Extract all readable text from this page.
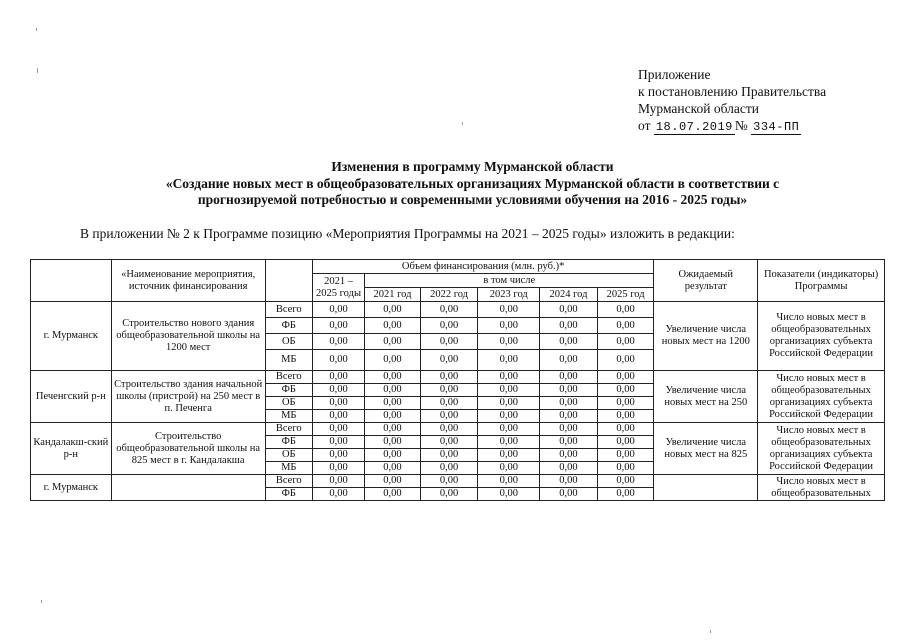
Приложение
к постановлению Правительства
Мурманской области
от 18.07.2019 № 334-ПП
Изменения в программу Мурманской области
«Создание новых мест в общеобразовательных организациях Мурманской области в соответствии с
прогнозируемой потребностью и современными условиями обучения на 2016 - 2025 годы»
В приложении № 2 к Программе позицию «Мероприятия Программы на 2021 – 2025 годы» изложить в редакции:
	«Наименование мероприятия, источник финансирования		Объем финансирования (млн. руб.)*						Ожидаемый результат	Показатели (индикаторы) Программы
			2021 – 2025 годы	в том числе						
				2021 год	2022 год	2023 год	2024 год	2025 год		

г. Мурманск	Строительство нового здания общеобразовательной школы на 1200 мест	Всего	0,00	0,00	0,00	0,00	0,00	0,00	Увеличение числа новых мест на 1200	Число новых мест в общеобразовательных организациях субъекта Российской Федерации
		ФБ	0,00	0,00	0,00	0,00	0,00	0,00		
		ОБ	0,00	0,00	0,00	0,00	0,00	0,00		
		МБ	0,00	0,00	0,00	0,00	0,00	0,00		
Печенгский р-н	Строительство здания начальной школы (пристрой) на 250 мест в п. Печенга	Всего	0,00	0,00	0,00	0,00	0,00	0,00	Увеличение числа новых мест на 250	Число новых мест в общеобразовательных организациях субъекта Российской Федерации
		ФБ	0,00	0,00	0,00	0,00	0,00	0,00		
		ОБ	0,00	0,00	0,00	0,00	0,00	0,00		
		МБ	0,00	0,00	0,00	0,00	0,00	0,00		
Кандалакш-ский р-н	Строительство общеобразовательной школы на 825 мест в г. Кандалакша	Всего	0,00	0,00	0,00	0,00	0,00	0,00	Увеличение числа новых мест на 825	Число новых мест в общеобразовательных организациях субъекта Российской Федерации
		ФБ	0,00	0,00	0,00	0,00	0,00	0,00		
		ОБ	0,00	0,00	0,00	0,00	0,00	0,00		
		МБ	0,00	0,00	0,00	0,00	0,00	0,00		
г. Мурманск		Всего	0,00	0,00	0,00	0,00	0,00	0,00		Число новых мест в общеобразовательных
		ФБ	0,00	0,00	0,00	0,00	0,00	0,00		
